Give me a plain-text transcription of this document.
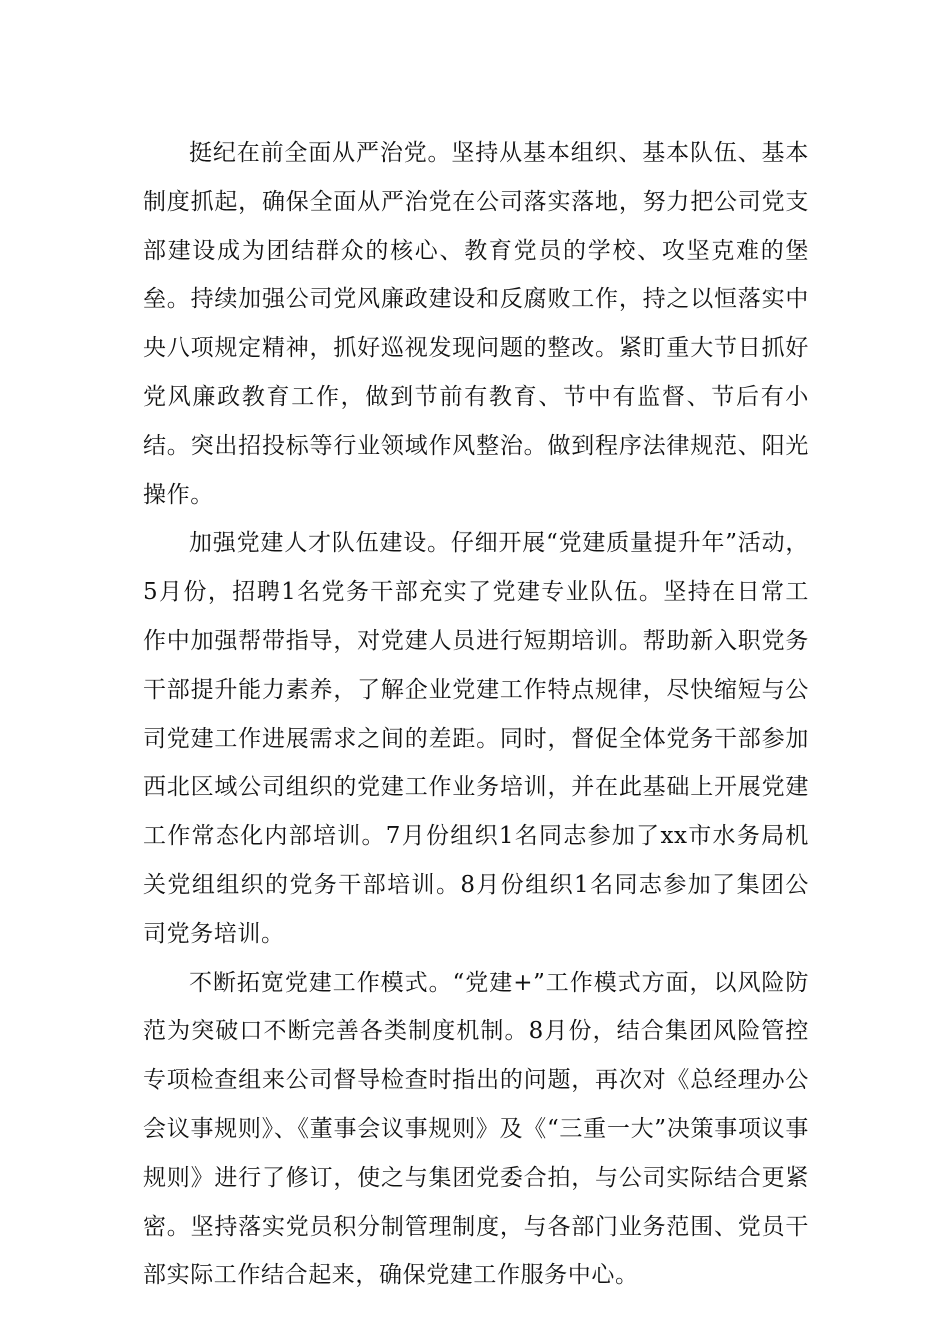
挺纪在前全面从严治党。坚持从基本组织、基本队伍、基本制度抓起，确保全面从严治党在公司落实落地，努力把公司党支部建设成为团结群众的核心、教育党员的学校、攻坚克难的堡垒。持续加强公司党风廉政建设和反腐败工作，持之以恒落实中央八项规定精神，抓好巡视发现问题的整改。紧盯重大节日抓好党风廉政教育工作，做到节前有教育、节中有监督、节后有小结。突出招投标等行业领域作风整治。做到程序法律规范、阳光操作。

加强党建人才队伍建设。仔细开展“党建质量提升年”活动，5月份，招聘1名党务干部充实了党建专业队伍。坚持在日常工作中加强帮带指导，对党建人员进行短期培训。帮助新入职党务干部提升能力素养，了解企业党建工作特点规律，尽快缩短与公司党建工作进展需求之间的差距。同时，督促全体党务干部参加西北区域公司组织的党建工作业务培训，并在此基础上开展党建工作常态化内部培训。7月份组织1名同志参加了xx市水务局机关党组组织的党务干部培训。8月份组织1名同志参加了集团公司党务培训。

不断拓宽党建工作模式。“党建+”工作模式方面，以风险防范为突破口不断完善各类制度机制。8月份，结合集团风险管控专项检查组来公司督导检查时指出的问题，再次对《总经理办公会议事规则》、《董事会议事规则》及《“三重一大”决策事项议事规则》进行了修订，使之与集团党委合拍，与公司实际结合更紧密。坚持落实党员积分制管理制度，与各部门业务范围、党员干部实际工作结合起来，确保党建工作服务中心。
